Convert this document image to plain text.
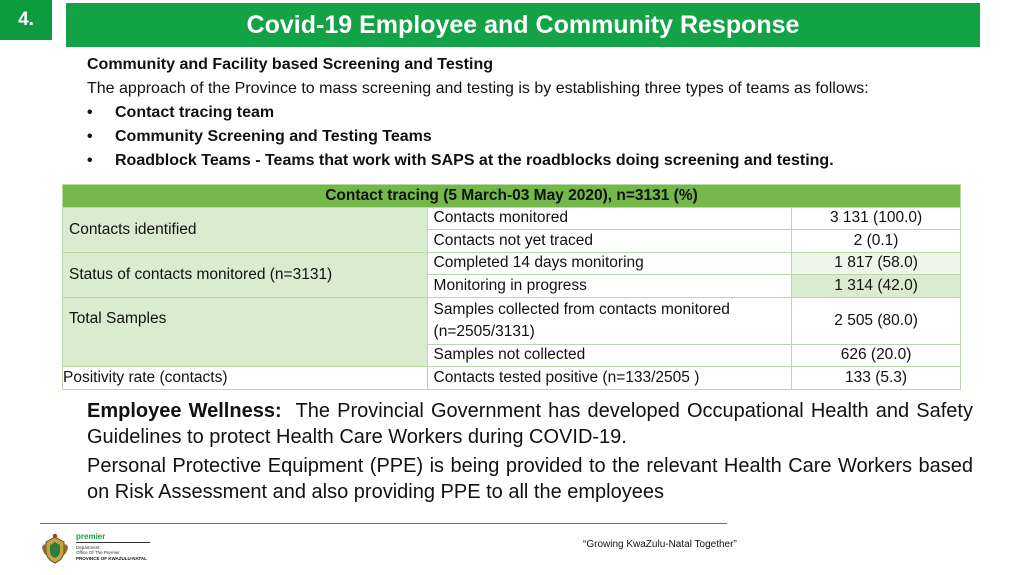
4.	Covid-19 Employee and Community Response
Community and Facility based Screening and Testing
The approach of the Province to mass screening and testing is by establishing three types of teams as follows:
• Contact tracing team
• Community Screening and Testing Teams
• Roadblock Teams - Teams that work with SAPS at the roadblocks doing screening and testing.
Contact tracing (5 March-03 May 2020), n=3131 (%)		
Contacts identified	Contacts monitored	3 131 (100.0)
	Contacts not yet traced	2 (0.1)
Status of contacts monitored (n=3131)	Completed 14 days monitoring	1 817 (58.0)
	Monitoring in progress	1 314 (42.0)
Total Samples	Samples collected from contacts monitored (n=2505/3131)	2 505 (80.0)
	Samples not collected	626 (20.0)
Positivity rate (contacts)	Contacts tested positive (n=133/2505 )	133 (5.3)

Employee Wellness: The Provincial Government has developed Occupational Health and Safety Guidelines to protect Health Care Workers during COVID-19.

Personal Protective Equipment (PPE) is being provided to the relevant Health Care Workers based on Risk Assessment and also providing PPE to all the employees

premier
Department:
Office Of The Premier
PROVINCE OF KWAZULU-NATAL
“Growing KwaZulu-Natal Together”
